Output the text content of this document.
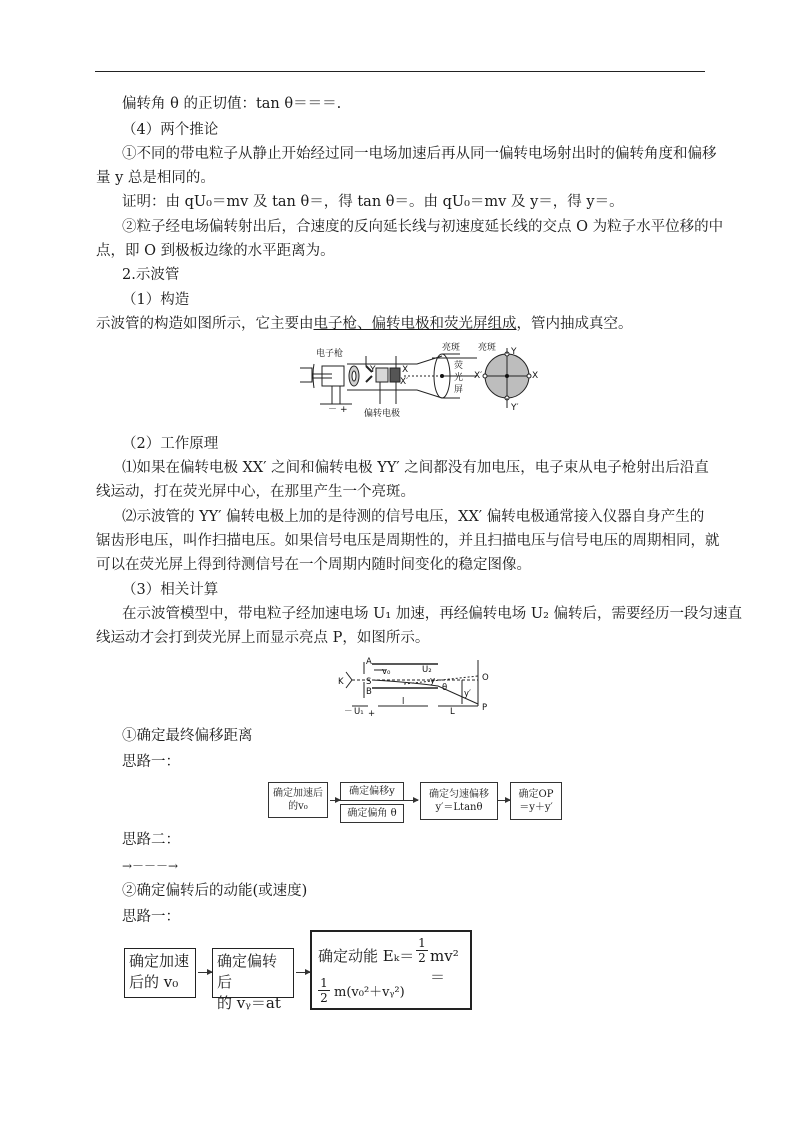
偏转角 θ 的正切值：tan θ＝＝＝.
（4）两个推论
①不同的带电粒子从静止开始经过同一电场加速后再从同一偏转电场射出时的偏转角度和偏移
量 y 总是相同的。
证明：由 qU₀＝mv 及 tan θ＝，得 tan θ＝。由 qU₀＝mv 及 y＝，得 y＝。
②粒子经电场偏转射出后，合速度的反向延长线与初速度延长线的交点 O 为粒子水平位移的中
点，即 O 到极板边缘的水平距离为。
2.示波管
（1）构造
示波管的构造如图所示，它主要由电子枪、偏转电极和荧光屏组成，管内抽成真空。
电子枪
偏转电极
亮斑 亮斑
荧
光
屏
Y
Y′
X
X′
Y	X
X′
－ +
（2）工作原理
⑴如果在偏转电极 XX′ 之间和偏转电极 YY′ 之间都没有加电压，电子束从电子枪射出后沿直
线运动，打在荧光屏中心，在那里产生一个亮斑。
⑵示波管的 YY′ 偏转电极上加的是待测的信号电压，XX′ 偏转电极通常接入仪器自身产生的
锯齿形电压，叫作扫描电压。如果信号电压是周期性的，并且扫描电压与信号电压的周期相同，就
可以在荧光屏上得到待测信号在一个周期内随时间变化的稳定图像。
（3）相关计算
在示波管模型中，带电粒子经加速电场 U₁ 加速，再经偏转电场 U₂ 偏转后，需要经历一段匀速直
线运动才会打到荧光屏上而显示亮点 P，如图所示。
A
B
K	S
v₀	U₂
U₁
l
L
y
y′
θ
O
P
－ +
①确定最终偏移距离
思路一：
确定加速后的v₀
确定偏移y
确定偏角 θ
确定匀速偏移
y′＝Ltanθ
确定OP
＝y＋y′
思路二：
→－－－→
②确定偏转后的动能(或速度)
思路一：
确定加速
后的 v₀
确定偏转后
的 vᵧ＝at
确定动能 $E_k= \frac{1}{2} mv^2=$
$\frac{1}{2}$ m(v₀²＋vᵧ²)
